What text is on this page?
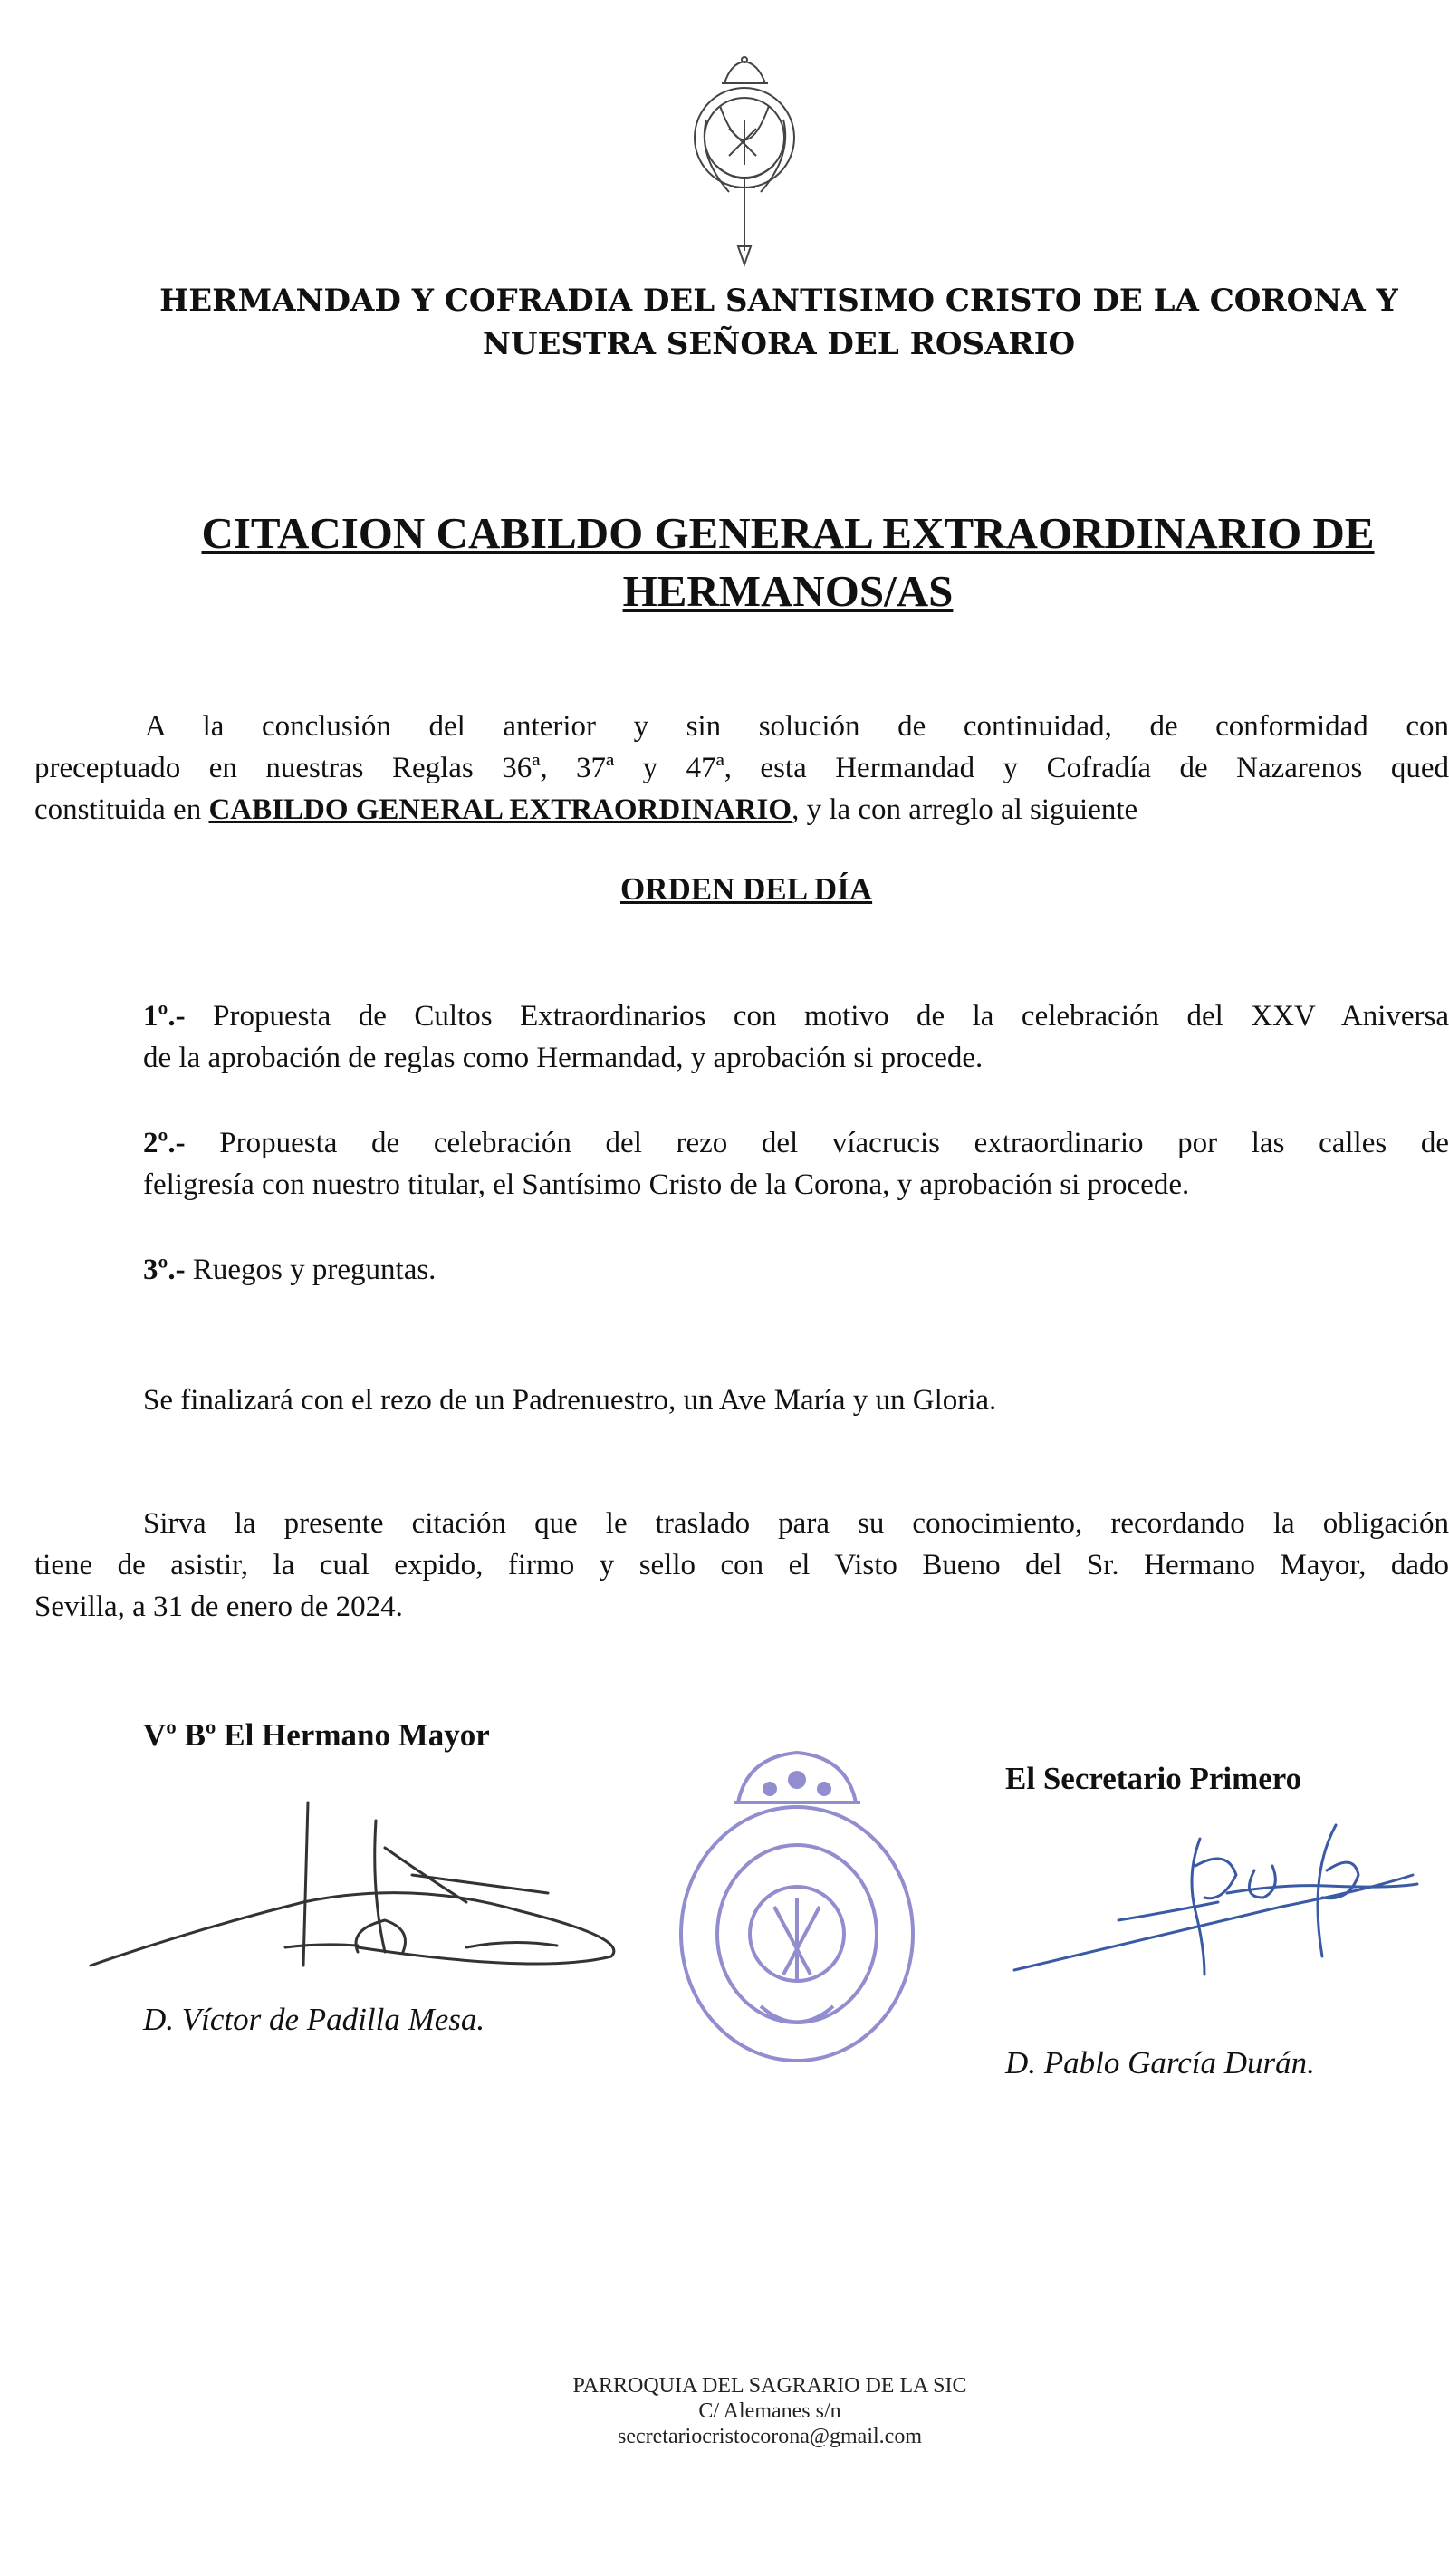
HERMANDAD Y COFRADIA DEL SANTISIMO CRISTO DE LA CORONA Y
NUESTRA SEÑORA DEL ROSARIO
CITACION CABILDO GENERAL EXTRAORDINARIO DE
HERMANOS/AS
A la conclusión del anterior y sin solución de continuidad, de conformidad con
preceptuado en nuestras Reglas 36ª, 37ª y 47ª, esta Hermandad y Cofradía de Nazarenos qued
constituida en CABILDO GENERAL EXTRAORDINARIO, y la con arreglo al siguiente
ORDEN DEL DÍA
1º.- Propuesta de Cultos Extraordinarios con motivo de la celebración del XXV Aniversa
de la aprobación de reglas como Hermandad, y aprobación si procede.
2º.- Propuesta de celebración del rezo del víacrucis extraordinario por las calles de
feligresía con nuestro titular, el Santísimo Cristo de la Corona, y aprobación si procede.
3º.- Ruegos y preguntas.
Se finalizará con el rezo de un Padrenuestro, un Ave María y un Gloria.
Sirva la presente citación que le traslado para su conocimiento, recordando la obligación
tiene de asistir, la cual expido, firmo y sello con el Visto Bueno del Sr. Hermano Mayor, dado
Sevilla, a 31 de enero de 2024.
Vº Bº El Hermano Mayor
El Secretario Primero
D. Víctor de Padilla Mesa.
D. Pablo García Durán.
PARROQUIA DEL SAGRARIO DE LA SIC
C/ Alemanes s/n
secretariocristocorona@gmail.com
